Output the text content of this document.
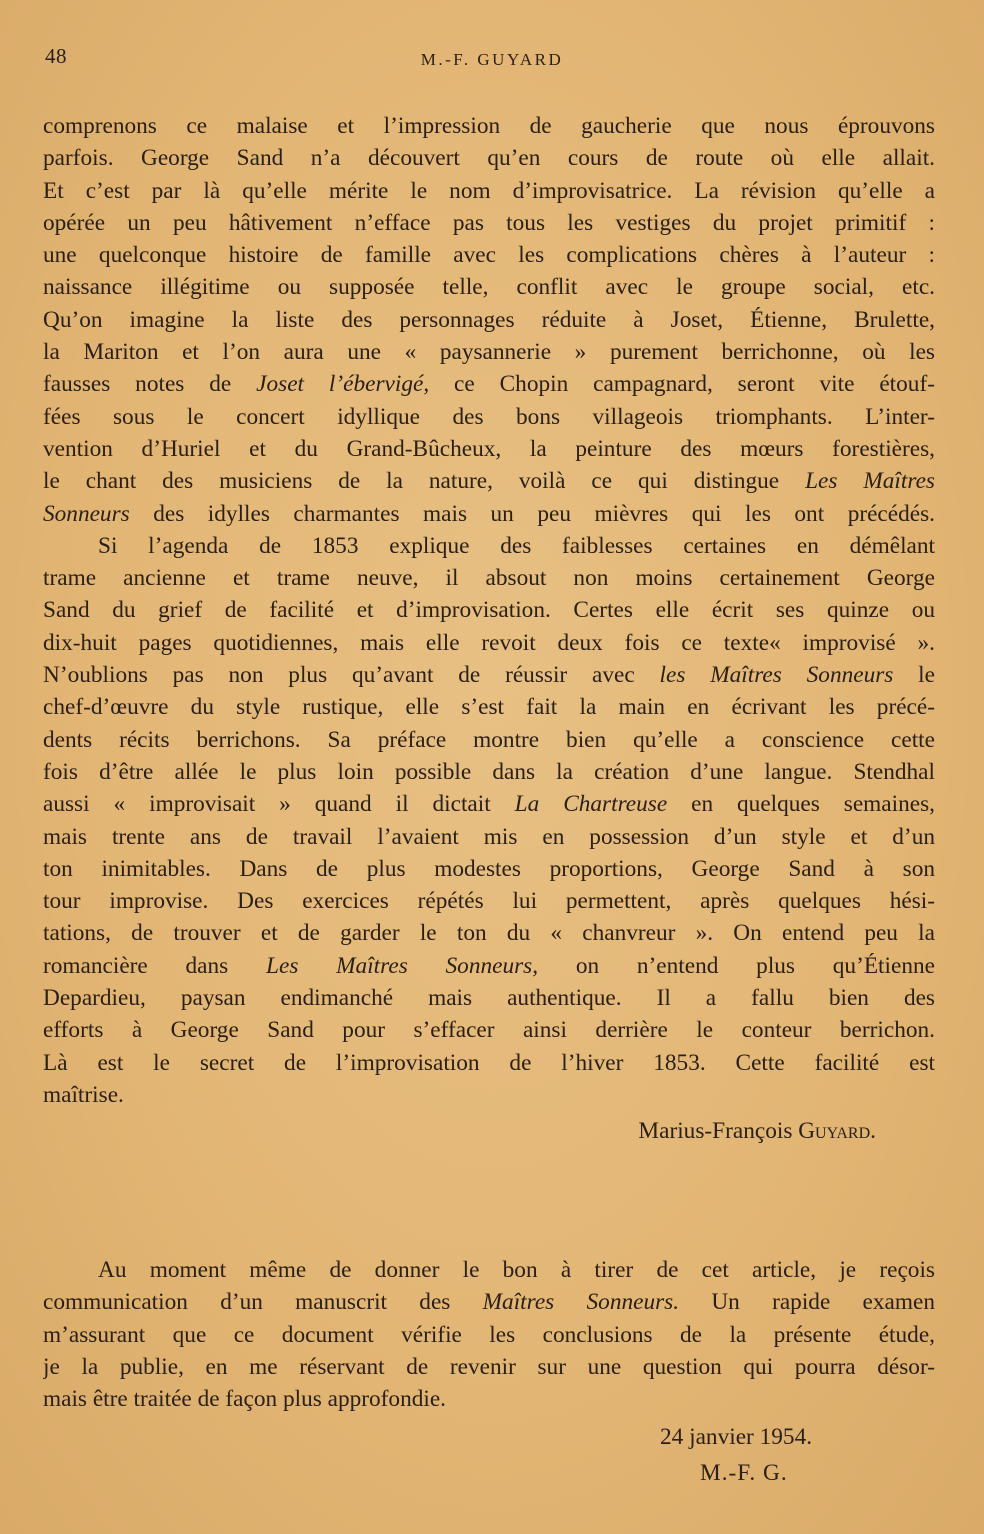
48	M.-F. GUYARD
comprenons ce malaise et l’impression de gaucherie que nous éprouvons
parfois. George Sand n’a découvert qu’en cours de route où elle allait.
Et c’est par là qu’elle mérite le nom d’improvisatrice. La révision qu’elle a
opérée un peu hâtivement n’efface pas tous les vestiges du projet primitif :
une quelconque histoire de famille avec les complications chères à l’auteur :
naissance illégitime ou supposée telle, conflit avec le groupe social, etc.
Qu’on imagine la liste des personnages réduite à Joset, Étienne, Brulette,
la Mariton et l’on aura une « paysannerie » purement berrichonne, où les
fausses notes de Joset l’ébervigé, ce Chopin campagnard, seront vite étouf-
fées sous le concert idyllique des bons villageois triomphants. L’inter-
vention d’Huriel et du Grand-Bûcheux, la peinture des mœurs forestières,
le chant des musiciens de la nature, voilà ce qui distingue Les Maîtres
Sonneurs des idylles charmantes mais un peu mièvres qui les ont précédés.
Si l’agenda de 1853 explique des faiblesses certaines en démêlant
trame ancienne et trame neuve, il absout non moins certainement George
Sand du grief de facilité et d’improvisation. Certes elle écrit ses quinze ou
dix-huit pages quotidiennes, mais elle revoit deux fois ce texte« improvisé ».
N’oublions pas non plus qu’avant de réussir avec les Maîtres Sonneurs le
chef-d’œuvre du style rustique, elle s’est fait la main en écrivant les précé-
dents récits berrichons. Sa préface montre bien qu’elle a conscience cette
fois d’être allée le plus loin possible dans la création d’une langue. Stendhal
aussi « improvisait » quand il dictait La Chartreuse en quelques semaines,
mais trente ans de travail l’avaient mis en possession d’un style et d’un
ton inimitables. Dans de plus modestes proportions, George Sand à son
tour improvise. Des exercices répétés lui permettent, après quelques hési-
tations, de trouver et de garder le ton du « chanvreur ». On entend peu la
romancière dans Les Maîtres Sonneurs, on n’entend plus qu’Étienne
Depardieu, paysan endimanché mais authentique. Il a fallu bien des
efforts à George Sand pour s’effacer ainsi derrière le conteur berrichon.
Là est le secret de l’improvisation de l’hiver 1853. Cette facilité est
maîtrise.
Marius-François Guyard.
Au moment même de donner le bon à tirer de cet article, je reçois
communication d’un manuscrit des Maîtres Sonneurs. Un rapide examen
m’assurant que ce document vérifie les conclusions de la présente étude,
je la publie, en me réservant de revenir sur une question qui pourra désor-
mais être traitée de façon plus approfondie.
24 janvier 1954.
M.-F. G.
